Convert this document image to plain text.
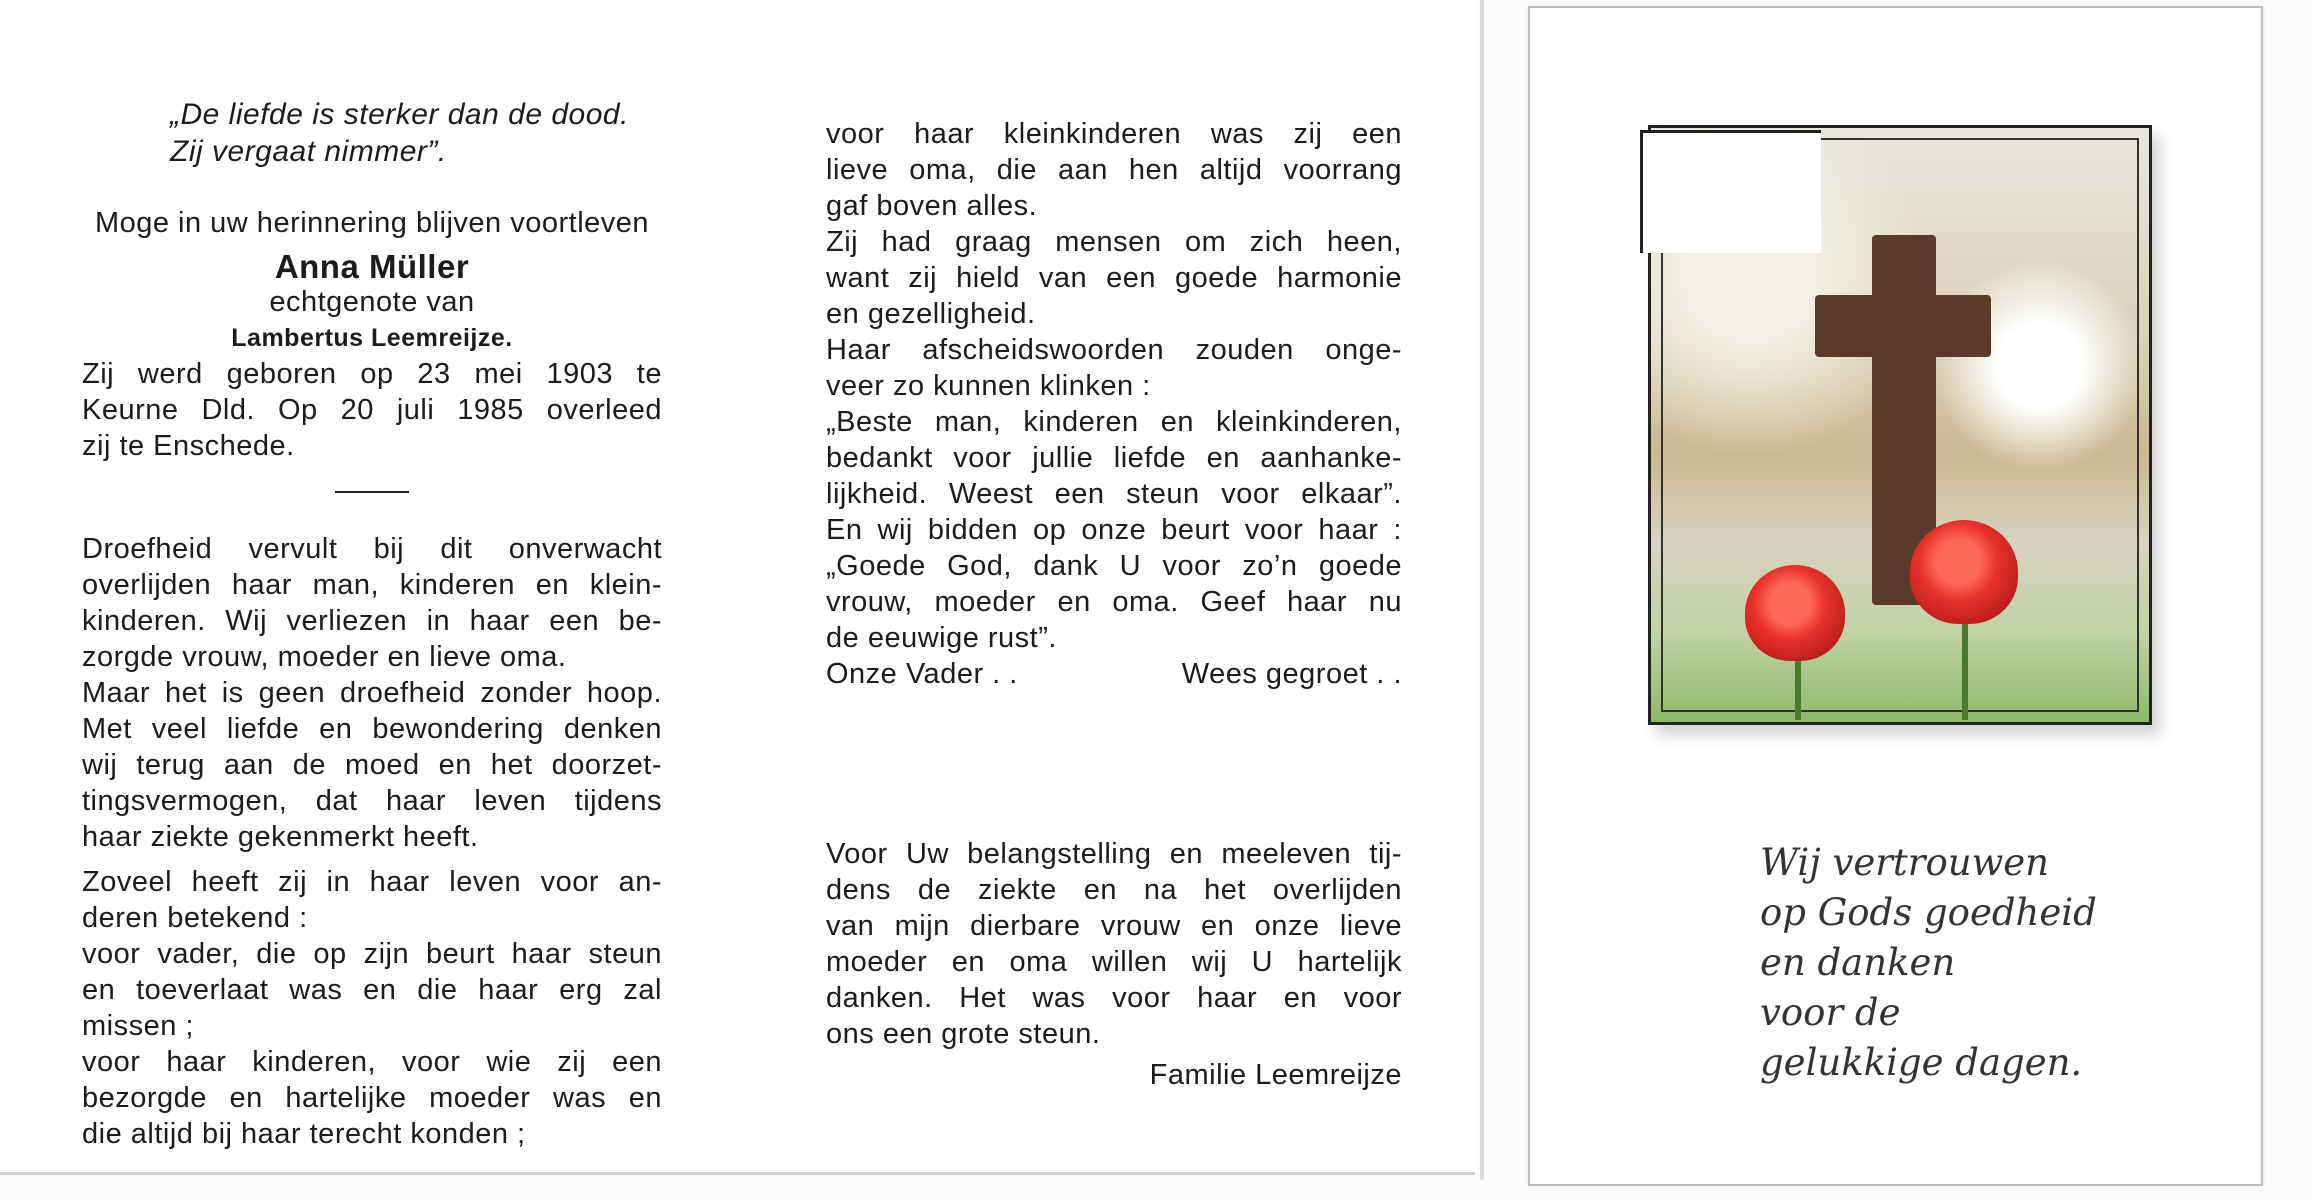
„De liefde is sterker dan de dood.

Zij vergaat nimmer”.

Moge in uw herinnering blijven voortleven

Anna Müller

echtgenote van

Lambertus Leemreijze.

Zij werd geboren op 23 mei 1903 te

Keurne Dld. Op 20 juli 1985 overleed

zij te Enschede.

Droefheid vervult bij dit onverwacht

overlijden haar man, kinderen en klein-

kinderen. Wij verliezen in haar een be-

zorgde vrouw, moeder en lieve oma.

Maar het is geen droefheid zonder hoop.

Met veel liefde en bewondering denken

wij terug aan de moed en het doorzet-

tingsvermogen, dat haar leven tijdens

haar ziekte gekenmerkt heeft.

Zoveel heeft zij in haar leven voor an-

deren betekend :

voor vader, die op zijn beurt haar steun

en toeverlaat was en die haar erg zal

missen ;

voor haar kinderen, voor wie zij een

bezorgde en hartelijke moeder was en

die altijd bij haar terecht konden ;

voor haar kleinkinderen was zij een

lieve oma, die aan hen altijd voorrang

gaf boven alles.

Zij had graag mensen om zich heen,

want zij hield van een goede harmonie

en gezelligheid.

Haar afscheidswoorden zouden onge-

veer zo kunnen klinken :

„Beste man, kinderen en kleinkinderen,

bedankt voor jullie liefde en aanhanke-

lijkheid. Weest een steun voor elkaar”.

En wij bidden op onze beurt voor haar :

„Goede God, dank U voor zo’n goede

vrouw, moeder en oma. Geef haar nu

de eeuwige rust”.

Onze Vader . .	Wees gegroet . .

Voor Uw belangstelling en meeleven tij-

dens de ziekte en na het overlijden

van mijn dierbare vrouw en onze lieve

moeder en oma willen wij U hartelijk

danken. Het was voor haar en voor

ons een grote steun.

Familie Leemreijze

Wij vertrouwen
op Gods goedheid
en danken
voor de
gelukkige dagen.
